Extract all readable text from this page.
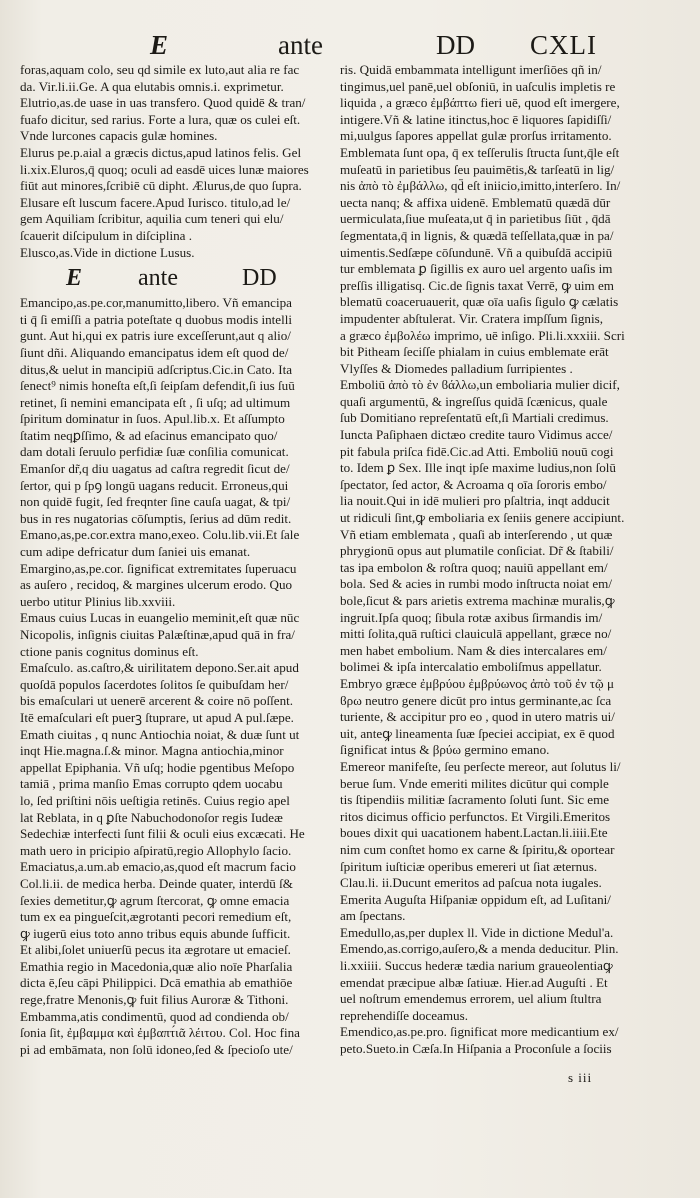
E	ante	DD CXLI
foras,aquam colo, seu qd simile ex luto,aut alia re fac
da. Vir.li.ii.Ge. A qua elutabis omnis.i. exprimetur.
Elutrio,as.de uase in uas transfero. Quod quidē & tran/
fuafo dicitur, sed rarius. Forte a lura, quæ os culei eſt.
Vnde lurcones capacis gulæ homines.
Elurus pe.p.aial a græcis dictus,apud latinos felis. Gel
li.xix.Eluros,q̄ quoq; oculi ad easdē uices lunæ maiores
fiūt aut minores,ſcribiē cū dipht. Ælurus,de quo ſupra.
Elusare eſt luscum facere.Apud Iurisco. titulo,ad le/
gem Aquiliam ſcribitur, aquilia cum teneri qui elu/
ſcauerit diſcipulum in diſciplina .
Elusco,as.Vide in dictione Lusus.
E ante	DD
Emancipo,as.pe.cor,manumitto,libero. Vñ emancipa
ti q̄ ſi emiſſi a patria poteſtate q duobus modis intelli
gunt. Aut hi,qui ex patris iure exceſſerunt,aut q alio/
ſiunt dñi. Aliquando emancipatus idem eſt quod de/
ditus,& uelut in mancipiū adſcriptus.Cic.in Cato. Ita
ſenect⁹ nimis honeſta eſt,ſi ſeipſam defendit,ſi ius ſuū
retinet, ſi nemini emancipata eſt , ſi uſq; ad ultimum
ſpiritum dominatur in ſuos. Apul.lib.x. Et aſſumpto
ſtatim neqꝑſſimo, & ad eſacinus emancipato quo/
dam dotali ſeruulo perfidiæ ſuæ conſilia comunicat.
Emanſor dr̃,q diu uagatus ad caſtra regredit ſicut de/
ſertor, qui p ſpꝯ longū uagans reducit. Erroneus,qui
non quidē fugit, ſed freqnter ſine cauſa uagat, & tpi/
bus in res nugatorias cōſumptis, ſerius ad dūm redit.
Emano,as,pe.cor.extra mano,exeo. Colu.lib.vii.Et ſale
cum adipe defricatur dum ſaniei uis emanat.
Emargino,as,pe.cor. ſignificat extremitates ſuperuacu
as auſero , recidoq, & margines ulcerum erodo. Quo
uerbo utitur Plinius lib.xxviii.
Emaus cuius Lucas in euangelio meminit,eſt quæ nūc
Nicopolis, inſignis ciuitas Palæſtinæ,apud quā in fra/
ctione panis cognitus dominus eſt.
Emaſculo. as.caſtro,& uirilitatem depono.Ser.ait apud
quoſdā populos ſacerdotes ſolitos ſe quibuſdam her/
bis emaſculari ut uenerē arcerent & coire nō poſſent.
Itē emaſculari eſt puerꝫ ſtuprare, ut apud A pul.ſæpe.
Emath ciuitas , q nunc Antiochia noiat, & duæ ſunt ut
inqt Hie.magna.ſ.& minor. Magna antiochia,minor
appellat Epiphania. Vñ uſq; hodie pgentibus Meſopo
tamiā , prima manſio Emas corrupto qdem uocabu
lo, ſed priſtini nōis ueſtigia retinēs. Cuius regio apel
lat Reblata, in q ꝑſte Nabuchodonoſor regis Iudeæ
Sedechiæ interfecti ſunt filii & oculi eius excæcati. He
math uero in pricipio aſpiratū,regio Allophylo ſacio.
Emaciatus,a.um.ab emacio,as,quod eſt macrum facio
Col.li.ii. de medica herba. Deinde quater, interdū ſ&
ſexies demetitur,ꝙ agrum ſtercorat, ꝙ omne emacia
tum ex ea pingueſcit,ægrotanti pecori remedium eſt,
ꝙ iugerū eius toto anno tribus equis abunde ſufficit.
Et alibi,ſolet uniuerſū pecus ita ægrotare ut emacieſ.
Emathia regio in Macedonia,quæ alio noīe Pharſalia
dicta ē,ſeu cāpi Philippici. Dcā emathia ab emathiōe
rege,fratre Menonis,ꝙ fuit filius Auroræ & Tithoni.
Embamma,atis condimentū, quod ad condienda ob/
ſonia ſit, ἐμβαμμα καὶ ἐμβαπτ́ιᾶ λέιτου. Col. Hoc fina
pi ad embāmata, non ſolū idoneo,ſed & ſpecioſo ute/
ris. Quidā embammata intelligunt imerſiōes qñ in/
tingimus,uel panē,uel obſoniū, in uaſculis impletis re
liquida , a græco ἐμβάπτω fieri uē, quod eſt imergere,
intigere.Vñ & latine itinctus,hoc ē liquores ſapidiſſi/
mi,uulgus ſapores appellat gulæ prorſus irritamento.
Emblemata ſunt opa, q̄ ex teſſerulis ſtructa ſunt,q̄le eſt
muſeatū in parietibus ſeu pauimētis,& tarſeatū in lig/
nis ἀπὸ τὸ ἐμβάλλω, qd̄ eſt iniicio,imitto,interſero. In/
uecta nanq; & affixa uidenē. Emblematū quædā dūr
uermiculata,ſiue muſeata,ut q̄ in parietibus ſiūt , q̄dā
ſegmentata,q̄ in lignis, & quædā teſſellata,quæ in pa/
uimentis.Sedſæpe cōſundunē. Vñ a quibuſdā accipiū
tur emblemata ꝑ ſigillis ex auro uel argento uaſis im
preſſis illigatisq. Cic.de ſignis taxat Verrē, ꝙ uim em
blematū coaceruauerit, quæ oīa uaſis ſigulo ꝙ cælatis
impudenter abſtulerat. Vir. Cratera impſſum ſignis,
a græco ἐμβολέω imprimo, uē inſigo. Pli.li.xxxiii. Scri
bit Pitheam ſeciſſe phialam in cuius emblemate erāt
Vlyſſes & Diomedes palladium ſurripientes .
Emboliū ἀπὸ τὸ ἐν ϐάλλω,un emboliaria mulier dicif,
quaſi argumentū, & ingreſſus quidā ſcænicus, quale
ſub Domitiano repreſentatū eſt,ſi Martiali credimus.
Iuncta Paſiphaen dictæo credite tauro Vidimus acce/
pit fabula priſca fidē.Cic.ad Atti. Emboliū nouū cogi
to. Idem ꝑ Sex. Ille inqt ipſe maxime ludius,non ſolū
ſpectator, ſed actor, & Acroama q oīa ſororis embo/
lia nouit.Qui in idē mulieri pro pſaltria, inqt adducit
ut ridiculi ſint,ꝙ emboliaria ex ſeniis genere accipiunt.
Vñ etiam emblemata , quaſi ab interſerendo , ut quæ
phrygionū opus aut plumatile conſiciat. Dr̃ & ſtabili/
tas ipa embolon & roſtra quoq; nauiū appellant em/
bola. Sed & acies in rumbi modo inſtructa noiat em/
bole,ſicut & pars arietis extrema machinæ muralis,ꝙ
ingruit.Ipſa quoq; ſibula rotæ axibus ſirmandis im/
mitti ſolita,quā ruſtici clauiculā appellant, græce no/
men habet embolium. Nam & dies intercalares em/
bolimei & ipſa intercalatio emboliſmus appellatur.
Embryo græce ἐμβρύου ἐμβρύωνος ἀπὸ τοῦ ἐν τῷ μ
ϐρω neutro genere dicūt pro intus germinante,ac ſca
turiente, & accipitur pro eo , quod in utero matris ui/
uit, anteꝙ lineamenta ſuæ ſpeciei accipiat, ex ē quod
ſignificat intus & βρύω germino emano.
Emereor manifeſte, ſeu perſecte mereor, aut ſolutus li/
berue ſum. Vnde emeriti milites dicūtur qui comple
tis ſtipendiis militiæ ſacramento ſoluti ſunt. Sic eme
ritos dicimus officio perfunctos. Et Virgili.Emeritos
boues dixit qui uacationem habent.Lactan.li.iiii.Ete
nim cum conſtet homo ex carne & ſpiritu,& oportear
ſpiritum iuſticiæ operibus emereri ut ſiat æternus.
Clau.li. ii.Ducunt emeritos ad paſcua nota iugales.
Emerita Auguſta Hiſpaniæ oppidum eſt, ad Luſitani/
am ſpectans.
Emedullo,as,per duplex ll. Vide in dictione Medul'a.
Emendo,as.corrigo,auſero,& a menda deducitur. Plin.
li.xxiiii. Succus hederæ tædia narium graueolentiaꝙ
emendat præcipue albæ ſatiuæ. Hier.ad Auguſti . Et
uel noſtrum emendemus errorem, uel alium ſtultra
reprehendiſſe doceamus.
Emendico,as.pe.pro. ſignificat more medicantium ex/
peto.Sueto.in Cæſa.In Hiſpania a Proconſule a ſociis
s iii
